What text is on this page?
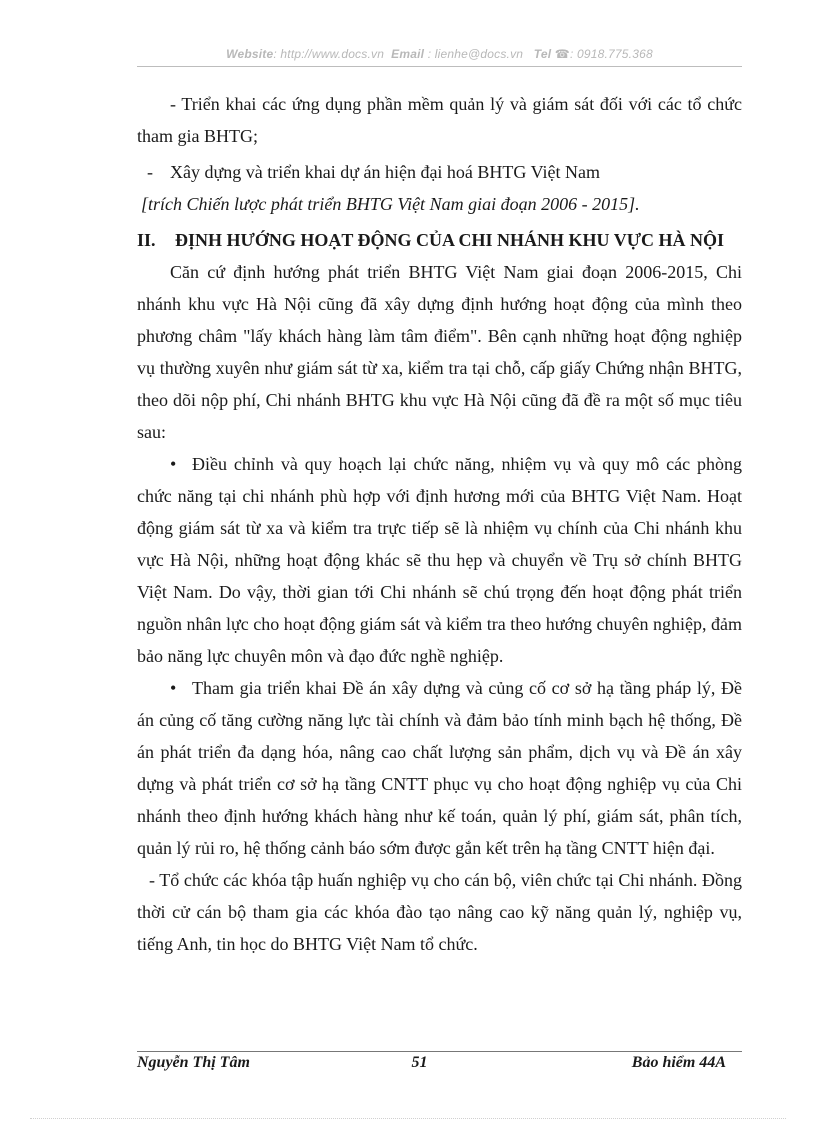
Website: http://www.docs.vn Email : lienhe@docs.vn Tel ☎: 0918.775.368

- Triển khai các ứng dụng phần mềm quản lý và giám sát đối với các tổ chức tham gia BHTG;

- Xây dựng và triển khai dự án hiện đại hoá BHTG Việt Nam

[trích Chiến lược phát triển BHTG Việt Nam giai đoạn 2006 - 2015].

II.	ĐỊNH HƯỚNG HOẠT ĐỘNG CỦA CHI NHÁNH KHU VỰC HÀ NỘI

Căn cứ định hướng phát triển BHTG Việt Nam giai đoạn 2006-2015, Chi nhánh khu vực Hà Nội cũng đã xây dựng định hướng hoạt động của mình theo phương châm "lấy khách hàng làm tâm điểm". Bên cạnh những hoạt động nghiệp vụ thường xuyên như giám sát từ xa, kiểm tra tại chỗ, cấp giấy Chứng nhận BHTG, theo dõi nộp phí, Chi nhánh BHTG khu vực Hà Nội cũng đã đề ra một số mục tiêu sau:

• Điều chỉnh và quy hoạch lại chức năng, nhiệm vụ và quy mô các phòng chức năng tại chi nhánh phù hợp với định hương mới của BHTG Việt Nam. Hoạt động giám sát từ xa và kiểm tra trực tiếp sẽ là nhiệm vụ chính của Chi nhánh khu vực Hà Nội, những hoạt động khác sẽ thu hẹp và chuyển về Trụ sở chính BHTG Việt Nam. Do vậy, thời gian tới Chi nhánh sẽ chú trọng đến hoạt động phát triển nguồn nhân lực cho hoạt động giám sát và kiểm tra theo hướng chuyên nghiệp, đảm bảo năng lực chuyên môn và đạo đức nghề nghiệp.

• Tham gia triển khai Đề án xây dựng và củng cố cơ sở hạ tầng pháp lý, Đề án củng cố tăng cường năng lực tài chính và đảm bảo tính minh bạch hệ thống, Đề án phát triển đa dạng hóa, nâng cao chất lượng sản phẩm, dịch vụ và Đề án xây dựng và phát triển cơ sở hạ tầng CNTT phục vụ cho hoạt động nghiệp vụ của Chi nhánh theo định hướng khách hàng như kế toán, quản lý phí, giám sát, phân tích, quản lý rủi ro, hệ thống cảnh báo sớm được gắn kết trên hạ tầng CNTT hiện đại.

- Tổ chức các khóa tập huấn nghiệp vụ cho cán bộ, viên chức tại Chi nhánh. Đồng thời cử cán bộ tham gia các khóa đào tạo nâng cao kỹ năng quản lý, nghiệp vụ, tiếng Anh, tin học do BHTG Việt Nam tổ chức.

Nguyễn Thị Tâm	51	Bảo hiểm 44A
